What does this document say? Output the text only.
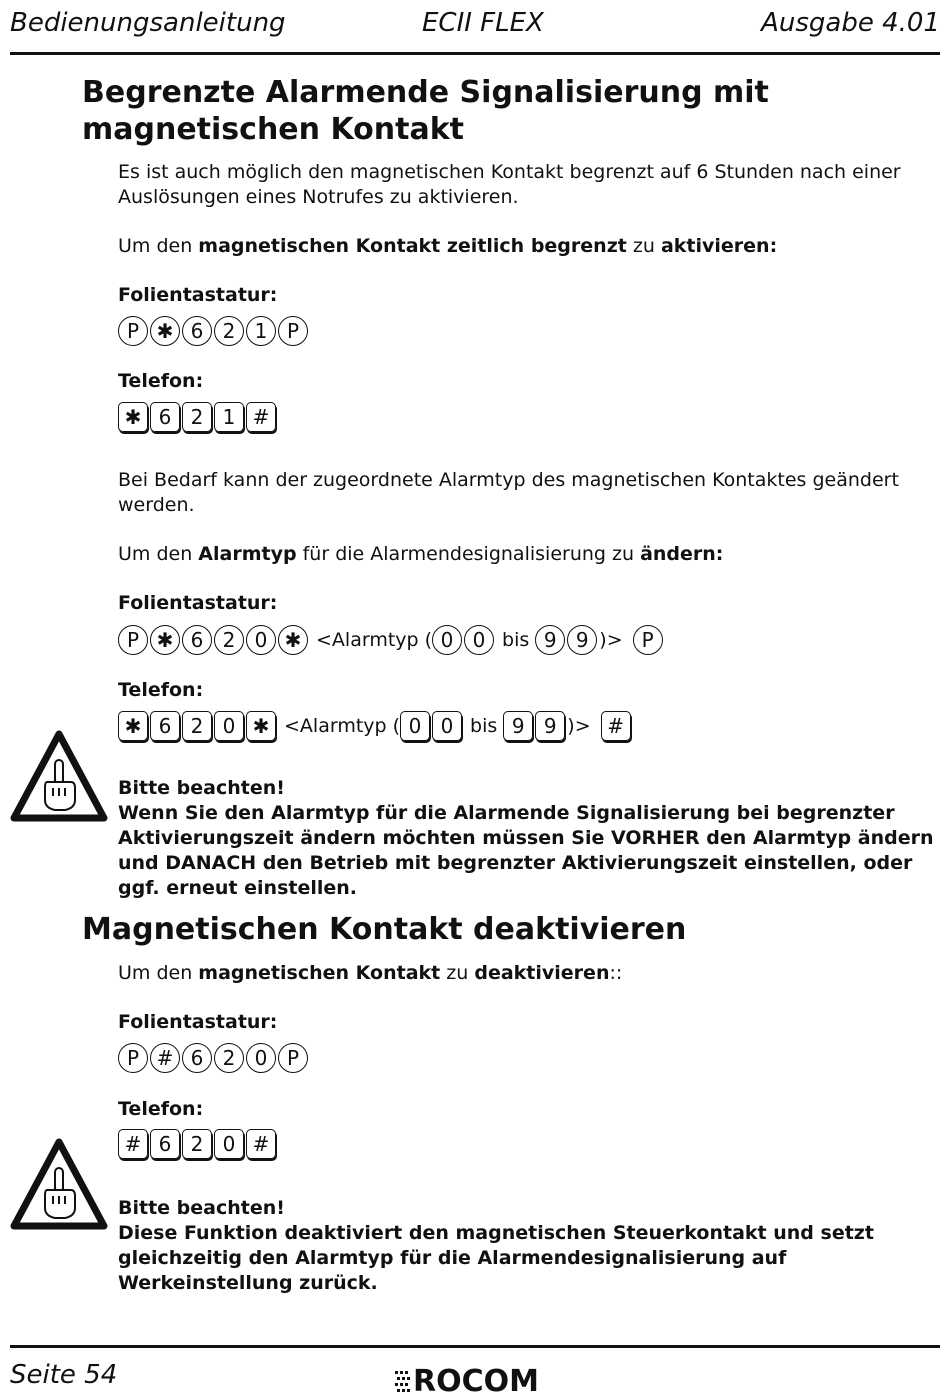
Bedienungsanleitung	ECII FLEX	Ausgabe 4.01
Begrenzte Alarmende Signalisierung mit magnetischen Kontakt
Es ist auch möglich den magnetischen Kontakt begrenzt auf 6 Stunden nach einer Auslösungen eines Notrufes zu aktivieren.
Um den magnetischen Kontakt zeitlich begrenzt zu aktivieren:
Folientastatur:
P ✱ 6 2 1 P
Telefon:
✱ 6 2 1 #
Bei Bedarf kann der zugeordnete Alarmtyp des magnetischen Kontaktes geändert werden.
Um den Alarmtyp für die Alarmendesignalisierung zu ändern:
Folientastatur:
P ✱ 6 2 0 ✱ <Alarmtyp ( 0 0 bis 9 9 )> P
Telefon:
✱ 6 2 0 ✱ <Alarmtyp ( 0 0 bis 9 9 )> #
Bitte beachten!
Wenn Sie den Alarmtyp für die Alarmende Signalisierung bei begrenzter Aktivierungszeit ändern möchten müssen Sie VORHER den Alarmtyp ändern und DANACH den Betrieb mit begrenzter Aktivierungszeit einstellen, oder ggf. erneut einstellen.
Magnetischen Kontakt deaktivieren
Um den magnetischen Kontakt zu deaktivieren::
Folientastatur:
P # 6 2 0 P
Telefon:
# 6 2 0 #
Bitte beachten!
Diese Funktion deaktiviert den magnetischen Steuerkontakt und setzt gleichzeitig den Alarmtyp für die Alarmendesignalisierung auf Werkeinstellung zurück.
Seite 54	ROCOM
